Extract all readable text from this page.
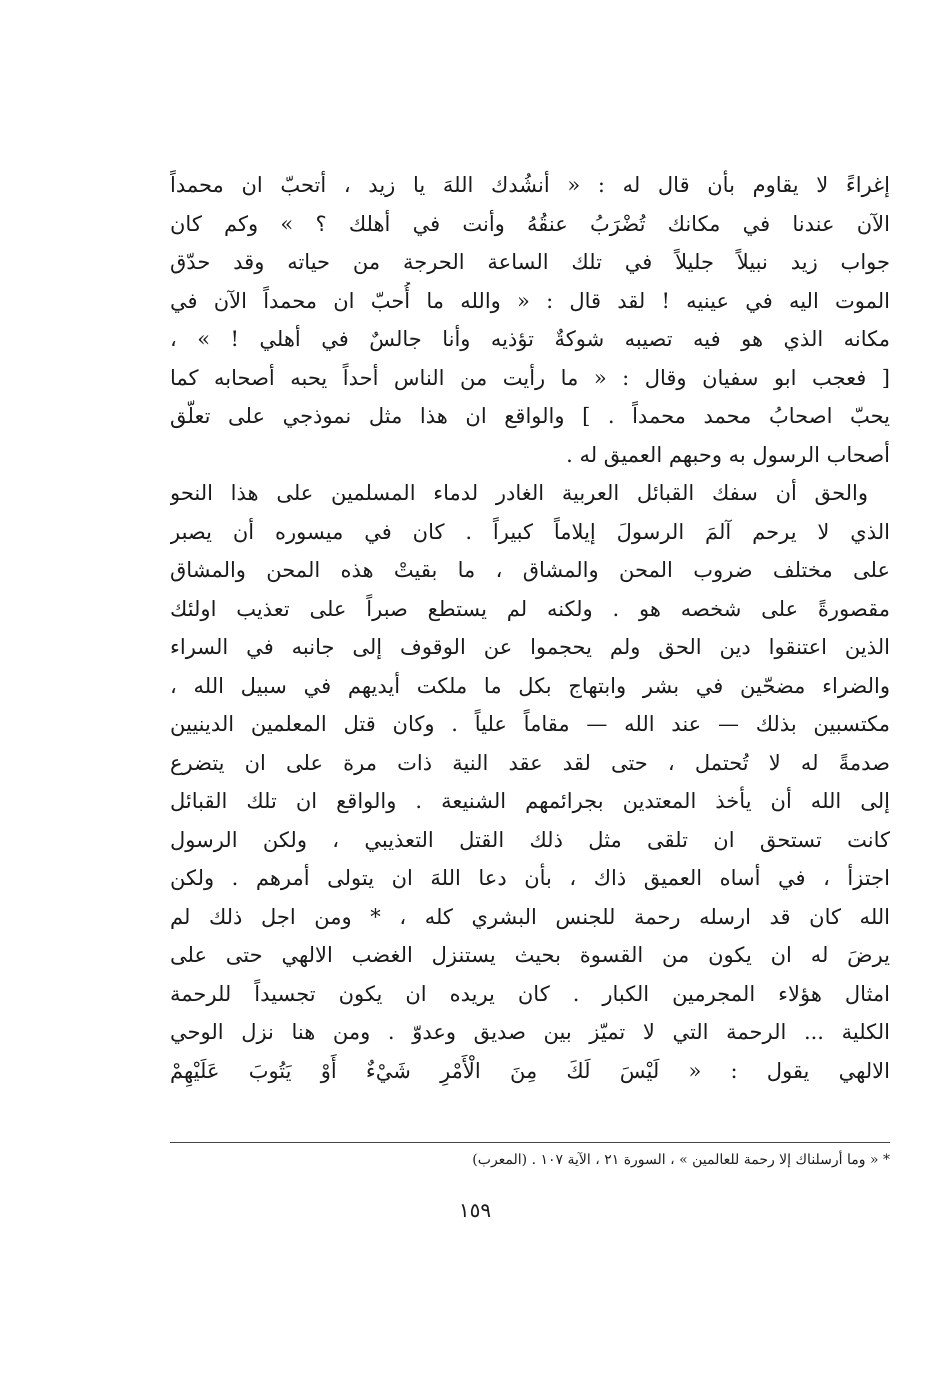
إغراءً لا يقاوم بأن قال له : « أنشُدك اللهَ يا زيد ، أتحبّ ان محمداً
الآن عندنا في مكانك تُضْرَبُ عنقُهُ وأنت في أهلك ؟ » وكم كان
جواب زيد نبيلاً جليلاً في تلك الساعة الحرجة من حياته وقد حدّق
الموت اليه في عينيه ! لقد قال : « والله ما أُحبّ ان محمداً الآن في
مكانه الذي هو فيه تصيبه شوكةٌ تؤذيه وأنا جالسٌ في أهلي ! » ،
[ فعجب ابو سفيان وقال : « ما رأيت من الناس أحداً يحبه أصحابه كما
يحبّ اصحابُ محمد محمداً . ] والواقع ان هذا مثل نموذجي على تعلّق
أصحاب الرسول به وحبهم العميق له .
والحق أن سفك القبائل العربية الغادر لدماء المسلمين على هذا النحو
الذي لا يرحم آلمَ الرسولَ إيلاماً كبيراً . كان في ميسوره أن يصبر
على مختلف ضروب المحن والمشاق ، ما بقيتْ هذه المحن والمشاق
مقصورةً على شخصه هو . ولكنه لم يستطع صبراً على تعذيب اولئك
الذين اعتنقوا دين الحق ولم يحجموا عن الوقوف إلى جانبه في السراء
والضراء مضحّين في بشر وابتهاج بكل ما ملكت أيديهم في سبيل الله ،
مكتسبين بذلك — عند الله — مقاماً علياً . وكان قتل المعلمين الدينيين
صدمةً له لا تُحتمل ، حتى لقد عقد النية ذات مرة على ان يتضرع
إلى الله أن يأخذ المعتدين بجرائمهم الشنيعة . والواقع ان تلك القبائل
كانت تستحق ان تلقى مثل ذلك القتل التعذيبي ، ولكن الرسول
اجتزأ ، في أساه العميق ذاك ، بأن دعا اللهَ ان يتولى أمرهم . ولكن
الله كان قد ارسله رحمة للجنس البشري كله ، * ومن اجل ذلك لم
يرضَ له ان يكون من القسوة بحيث يستنزل الغضب الالهي حتى على
امثال هؤلاء المجرمين الكبار . كان يريده ان يكون تجسيداً للرحمة
الكلية ... الرحمة التي لا تميّز بين صديق وعدوّ . ومن هنا نزل الوحي
الالهي يقول : « لَيْسَ لَكَ مِنَ الْأَمْرِ شَيْءٌ أَوْ يَتُوبَ عَلَيْهِمْ
* « وما أرسلناك إلا رحمة للعالمين » ، السورة ٢١ ، الآية ١٠٧ . (المعرب)
١٥٩
